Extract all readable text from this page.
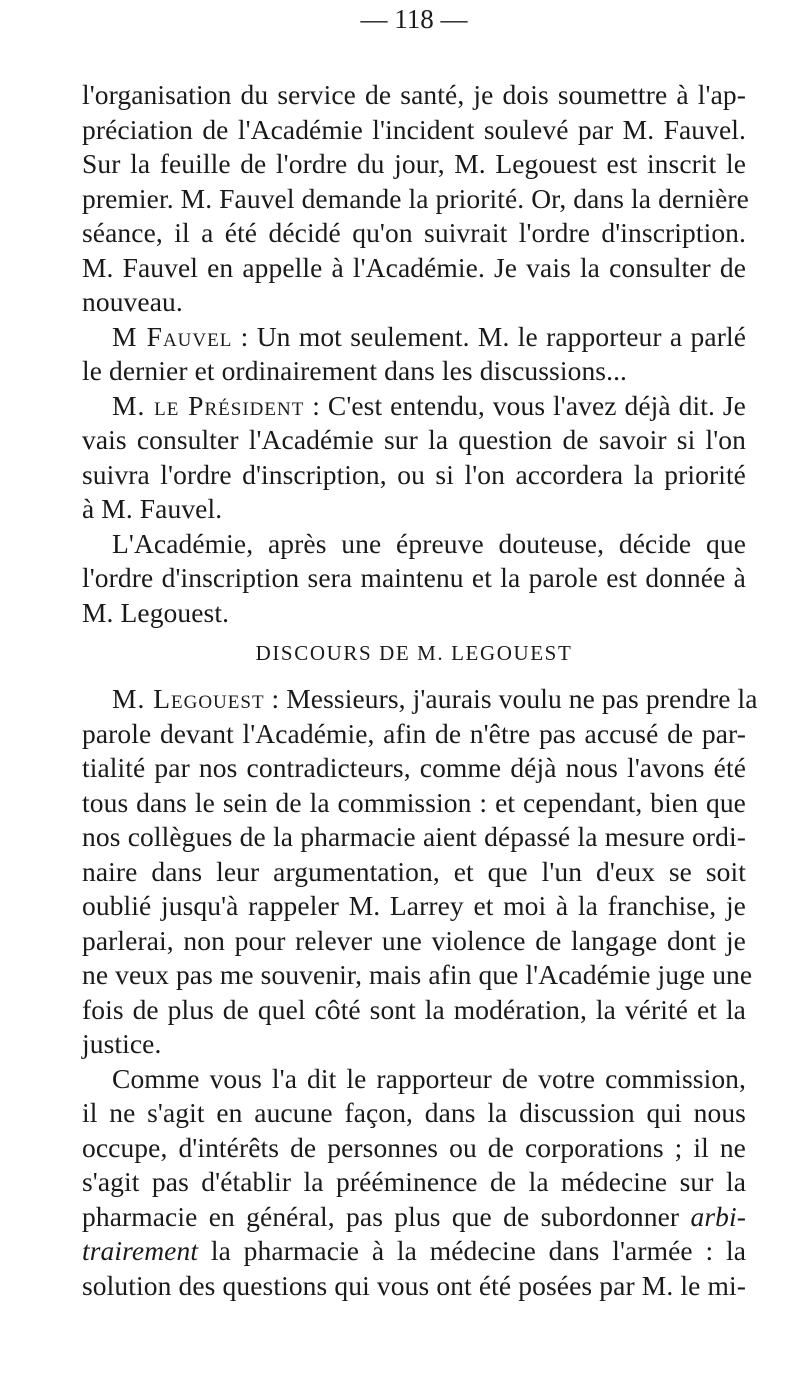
— 118 —
l'organisation du service de santé, je dois soumettre à l'ap-
préciation de l'Académie l'incident soulevé par M. Fauvel.
Sur la feuille de l'ordre du jour, M. Legouest est inscrit le
premier. M. Fauvel demande la priorité. Or, dans la dernière
séance, il a été décidé qu'on suivrait l'ordre d'inscription.
M. Fauvel en appelle à l'Académie. Je vais la consulter de
nouveau.
M Fauvel : Un mot seulement. M. le rapporteur a parlé
le dernier et ordinairement dans les discussions...
M. le Président : C'est entendu, vous l'avez déjà dit. Je
vais consulter l'Académie sur la question de savoir si l'on
suivra l'ordre d'inscription, ou si l'on accordera la priorité
à M. Fauvel.
L'Académie, après une épreuve douteuse, décide que
l'ordre d'inscription sera maintenu et la parole est donnée à
M. Legouest.
DISCOURS DE M. LEGOUEST
M. Legouest : Messieurs, j'aurais voulu ne pas prendre la
parole devant l'Académie, afin de n'être pas accusé de par-
tialité par nos contradicteurs, comme déjà nous l'avons été
tous dans le sein de la commission : et cependant, bien que
nos collègues de la pharmacie aient dépassé la mesure ordi-
naire dans leur argumentation, et que l'un d'eux se soit
oublié jusqu'à rappeler M. Larrey et moi à la franchise, je
parlerai, non pour relever une violence de langage dont je
ne veux pas me souvenir, mais afin que l'Académie juge une
fois de plus de quel côté sont la modération, la vérité et la
justice.
Comme vous l'a dit le rapporteur de votre commission,
il ne s'agit en aucune façon, dans la discussion qui nous
occupe, d'intérêts de personnes ou de corporations ; il ne
s'agit pas d'établir la prééminence de la médecine sur la
pharmacie en général, pas plus que de subordonner arbi-
trairement la pharmacie à la médecine dans l'armée : la
solution des questions qui vous ont été posées par M. le mi-
